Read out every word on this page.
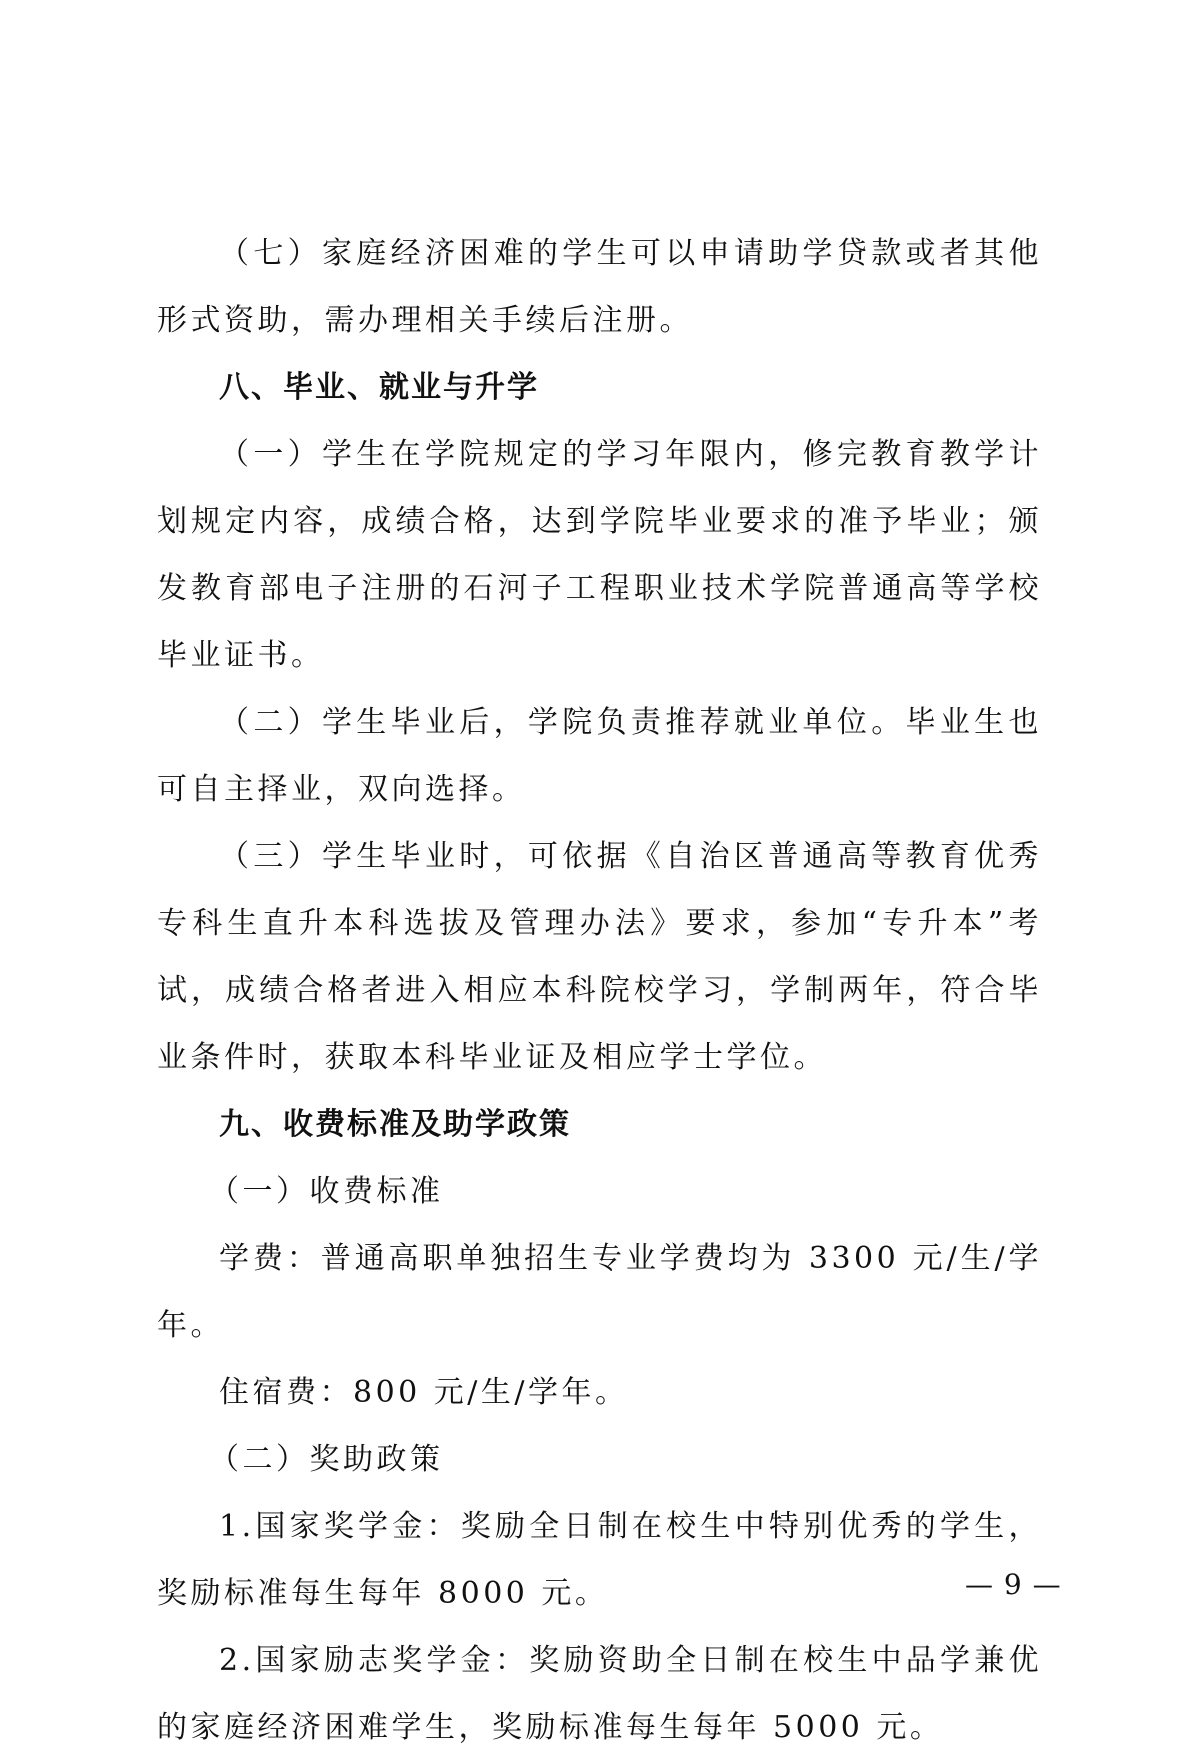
（七）家庭经济困难的学生可以申请助学贷款或者其他形式资助，需办理相关手续后注册。

八、毕业、就业与升学

（一）学生在学院规定的学习年限内，修完教育教学计划规定内容，成绩合格，达到学院毕业要求的准予毕业；颁发教育部电子注册的石河子工程职业技术学院普通高等学校毕业证书。

（二）学生毕业后，学院负责推荐就业单位。毕业生也可自主择业，双向选择。

（三）学生毕业时，可依据《自治区普通高等教育优秀专科生直升本科选拔及管理办法》要求，参加“专升本”考试，成绩合格者进入相应本科院校学习，学制两年，符合毕业条件时，获取本科毕业证及相应学士学位。

九、收费标准及助学政策

（一）收费标准

学费：普通高职单独招生专业学费均为 3300 元/生/学年。

住宿费：800 元/生/学年。

（二）奖助政策

1.国家奖学金：奖励全日制在校生中特别优秀的学生，奖励标准每生每年 8000 元。

2.国家励志奖学金：奖励资助全日制在校生中品学兼优的家庭经济困难学生，奖励标准每生每年 5000 元。

— 9 —
